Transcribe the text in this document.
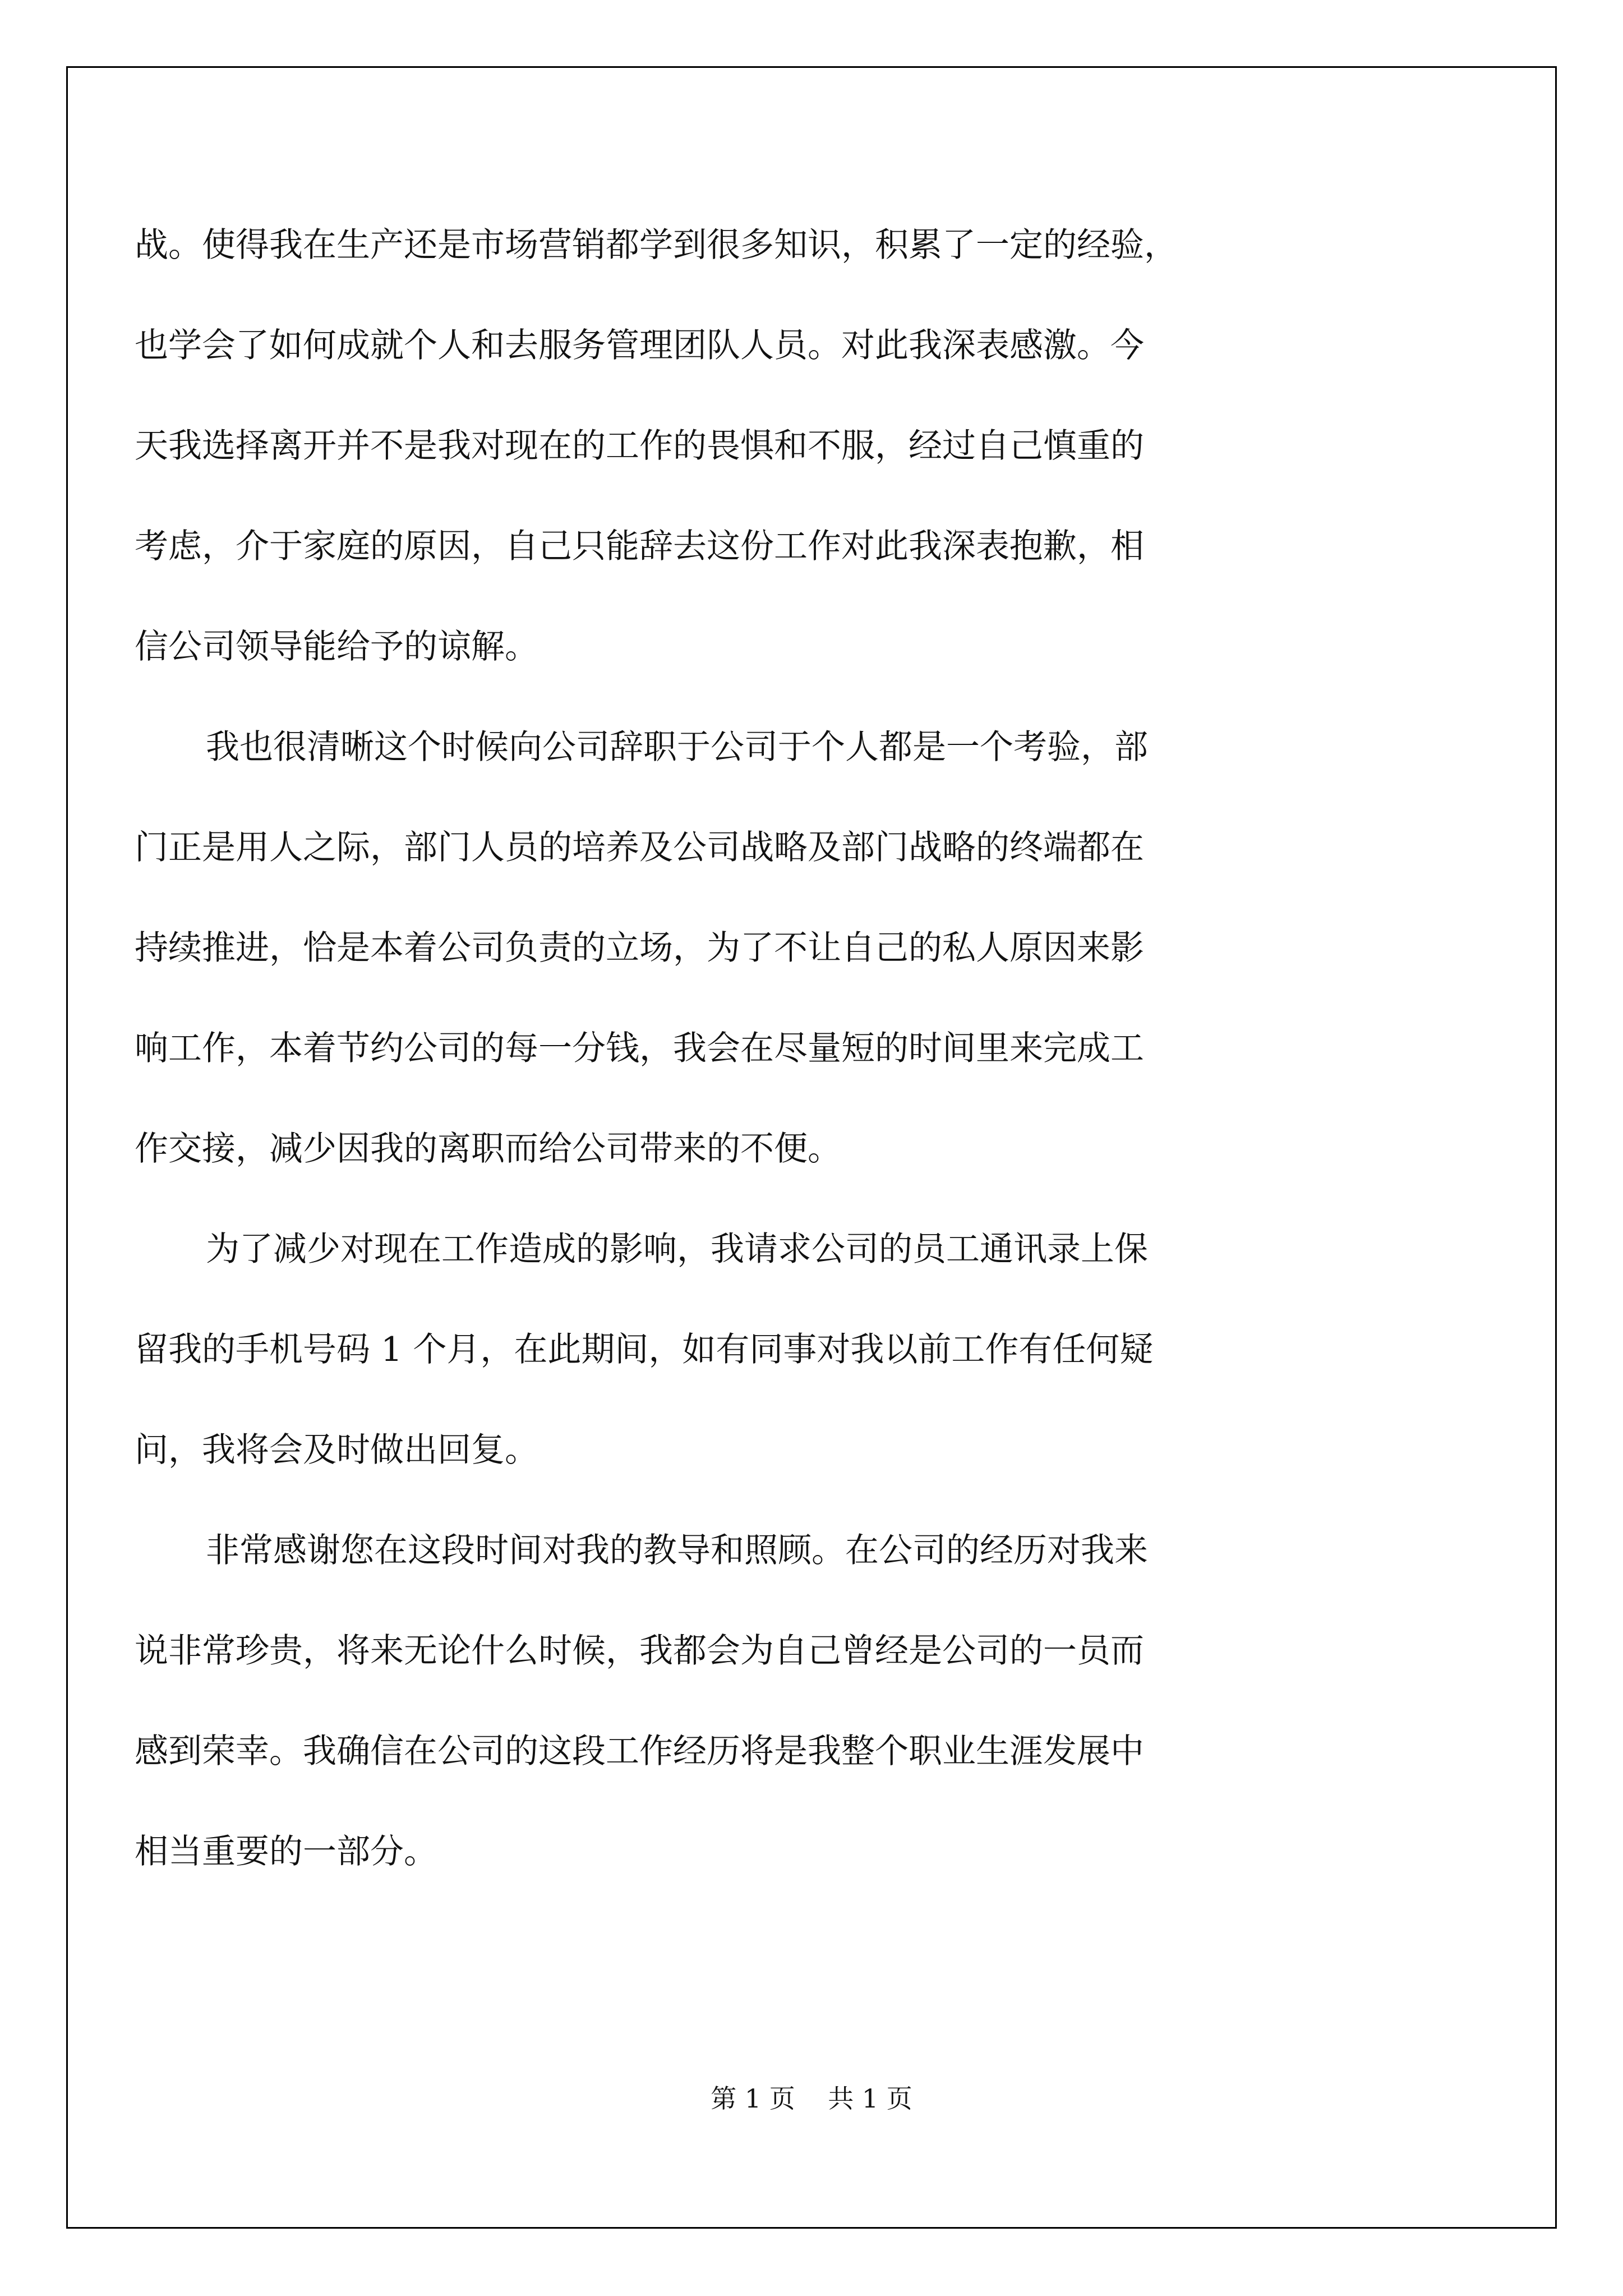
战。使得我在生产还是市场营销都学到很多知识，积累了一定的经验，
也学会了如何成就个人和去服务管理团队人员。对此我深表感激。今
天我选择离开并不是我对现在的工作的畏惧和不服，经过自己慎重的
考虑，介于家庭的原因，自己只能辞去这份工作对此我深表抱歉，相
信公司领导能给予的谅解。
我也很清晰这个时候向公司辞职于公司于个人都是一个考验，部
门正是用人之际，部门人员的培养及公司战略及部门战略的终端都在
持续推进，恰是本着公司负责的立场，为了不让自己的私人原因来影
响工作，本着节约公司的每一分钱，我会在尽量短的时间里来完成工
作交接，减少因我的离职而给公司带来的不便。
为了减少对现在工作造成的影响，我请求公司的员工通讯录上保
留我的手机号码 1 个月，在此期间，如有同事对我以前工作有任何疑
问，我将会及时做出回复。
非常感谢您在这段时间对我的教导和照顾。在公司的经历对我来
说非常珍贵，将来无论什么时候，我都会为自己曾经是公司的一员而
感到荣幸。我确信在公司的这段工作经历将是我整个职业生涯发展中
相当重要的一部分。
第 1 页    共 1 页
